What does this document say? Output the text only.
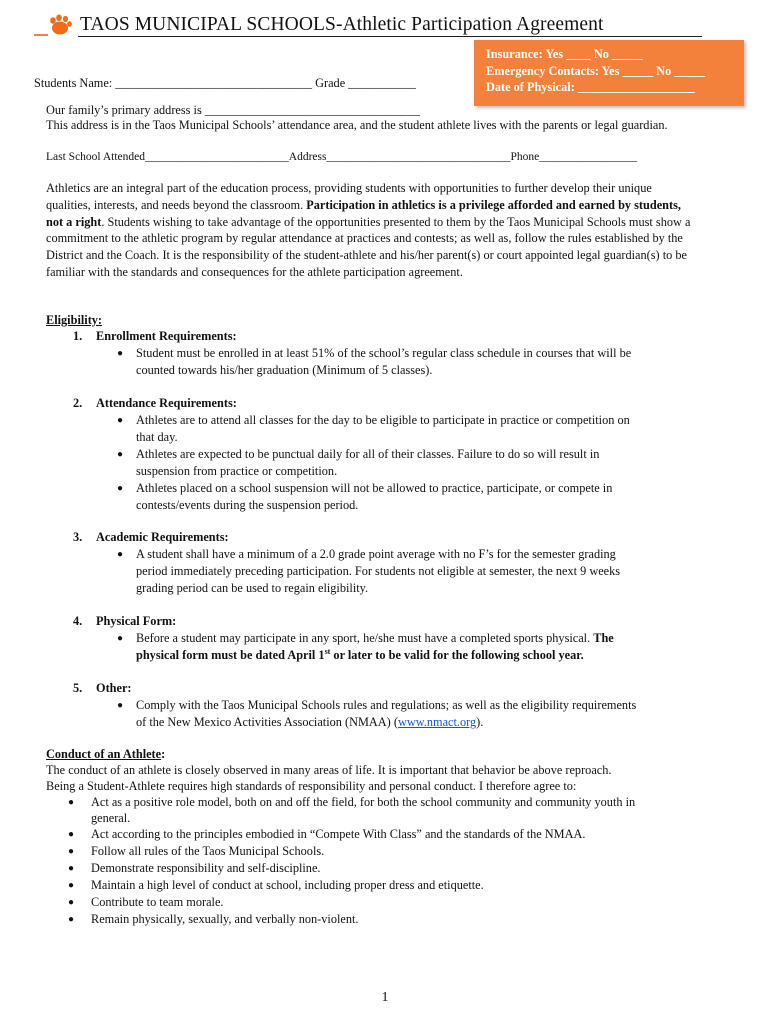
TAOS MUNICIPAL SCHOOLS-Athletic Participation Agreement
Insurance: Yes ____ No _____
Emergency Contacts: Yes _____ No _____
Date of Physical: ___________________
Students Name: ________________________________ Grade ___________
Our family’s primary address is ___________________________________
This address is in the Taos Municipal Schools’ attendance area, and the student athlete lives with the parents or legal guardian.
Last School Attended_________________________Address________________________________Phone_________________

Athletics are an integral part of the education process, providing students with opportunities to further develop their unique qualities, interests, and needs beyond the classroom. Participation in athletics is a privilege afforded and earned by students, not a right. Students wishing to take advantage of the opportunities presented to them by the Taos Municipal Schools must show a commitment to the athletic program by regular attendance at practices and contests; as well as, follow the rules established by the District and the Coach. It is the responsibility of the student-athlete and his/her parent(s) or court appointed legal guardian(s) to be familiar with the standards and consequences for the athlete participation agreement.

Eligibility:
1. Enrollment Requirements:
●	Student must be enrolled in at least 51% of the school’s regular class schedule in courses that will be
counted towards his/her graduation (Minimum of 5 classes).
2. Attendance Requirements:
●	Athletes are to attend all classes for the day to be eligible to participate in practice or competition on
that day.
●	Athletes are expected to be punctual daily for all of their classes. Failure to do so will result in
suspension from practice or competition.
●	Athletes placed on a school suspension will not be allowed to practice, participate, or compete in
contests/events during the suspension period.
3. Academic Requirements:
●	A student shall have a minimum of a 2.0 grade point average with no F’s for the semester grading
period immediately preceding participation. For students not eligible at semester, the next 9 weeks
grading period can be used to regain eligibility.
4. Physical Form:
●	Before a student may participate in any sport, he/she must have a completed sports physical. The
physical form must be dated April 1st or later to be valid for the following school year.
5. Other:
●	Comply with the Taos Municipal Schools rules and regulations; as well as the eligibility requirements
of the New Mexico Activities Association (NMAA) (www.nmact.org).
Conduct of an Athlete:
The conduct of an athlete is closely observed in many areas of life. It is important that behavior be above reproach.
Being a Student-Athlete requires high standards of responsibility and personal conduct. I therefore agree to:
●	Act as a positive role model, both on and off the field, for both the school community and community youth in
general.
●	Act according to the principles embodied in “Compete With Class” and the standards of the NMAA.
●	Follow all rules of the Taos Municipal Schools.
●	Demonstrate responsibility and self-discipline.
●	Maintain a high level of conduct at school, including proper dress and etiquette.
●	Contribute to team morale.
●	Remain physically, sexually, and verbally non-violent.
1
